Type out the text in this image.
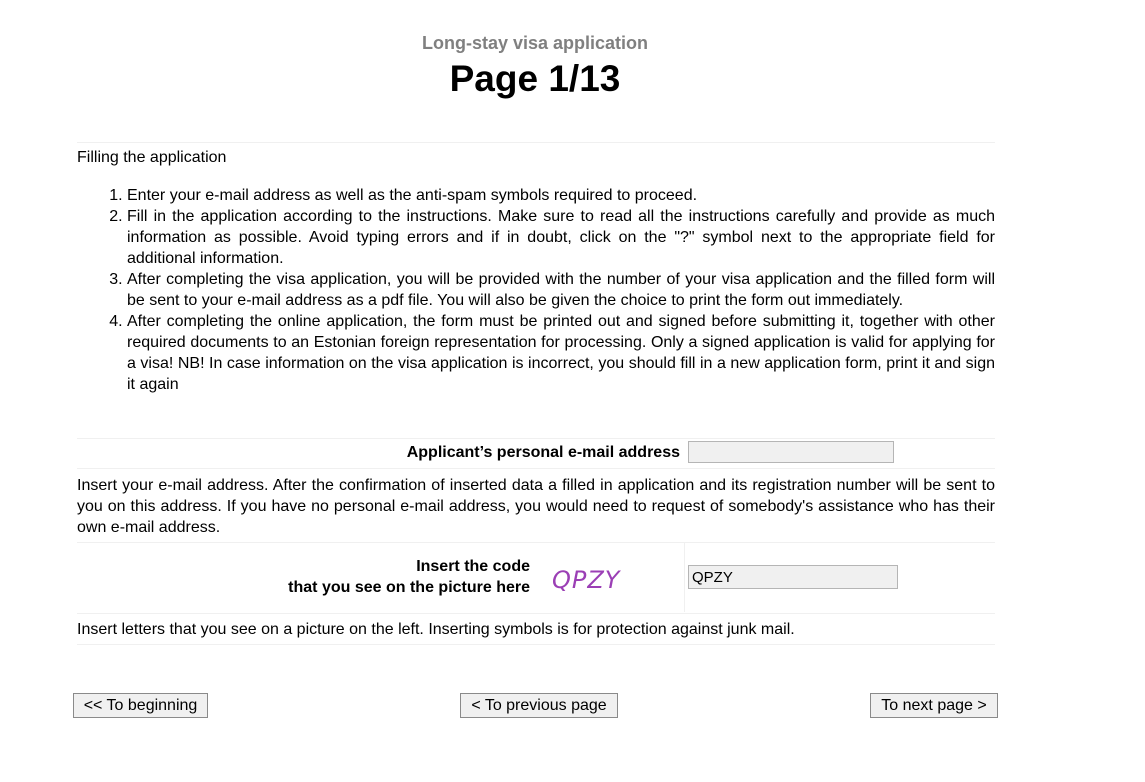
Long-stay visa application
Page 1/13
Filling the application
1. Enter your e-mail address as well as the anti-spam symbols required to proceed.
2. Fill in the application according to the instructions. Make sure to read all the instructions carefully and provide as much information as possible. Avoid typing errors and if in doubt, click on the "?" symbol next to the appropriate field for additional information.
3. After completing the visa application, you will be provided with the number of your visa application and the filled form will be sent to your e-mail address as a pdf file. You will also be given the choice to print the form out immediately.
4. After completing the online application, the form must be printed out and signed before submitting it, together with other required documents to an Estonian foreign representation for processing. Only a signed application is valid for applying for a visa! NB! In case information on the visa application is incorrect, you should fill in a new application form, print it and sign it again
Applicant’s personal e-mail address
Insert your e-mail address. After the confirmation of inserted data a filled in application and its registration number will be sent to you on this address. If you have no personal e-mail address, you would need to request of somebody's assistance who has their own e-mail address.
Insert the code
that you see on the picture here QPZY
QPZY
Insert letters that you see on a picture on the left. Inserting symbols is for protection against junk mail.
<< To beginning	< To previous page	To next page >
